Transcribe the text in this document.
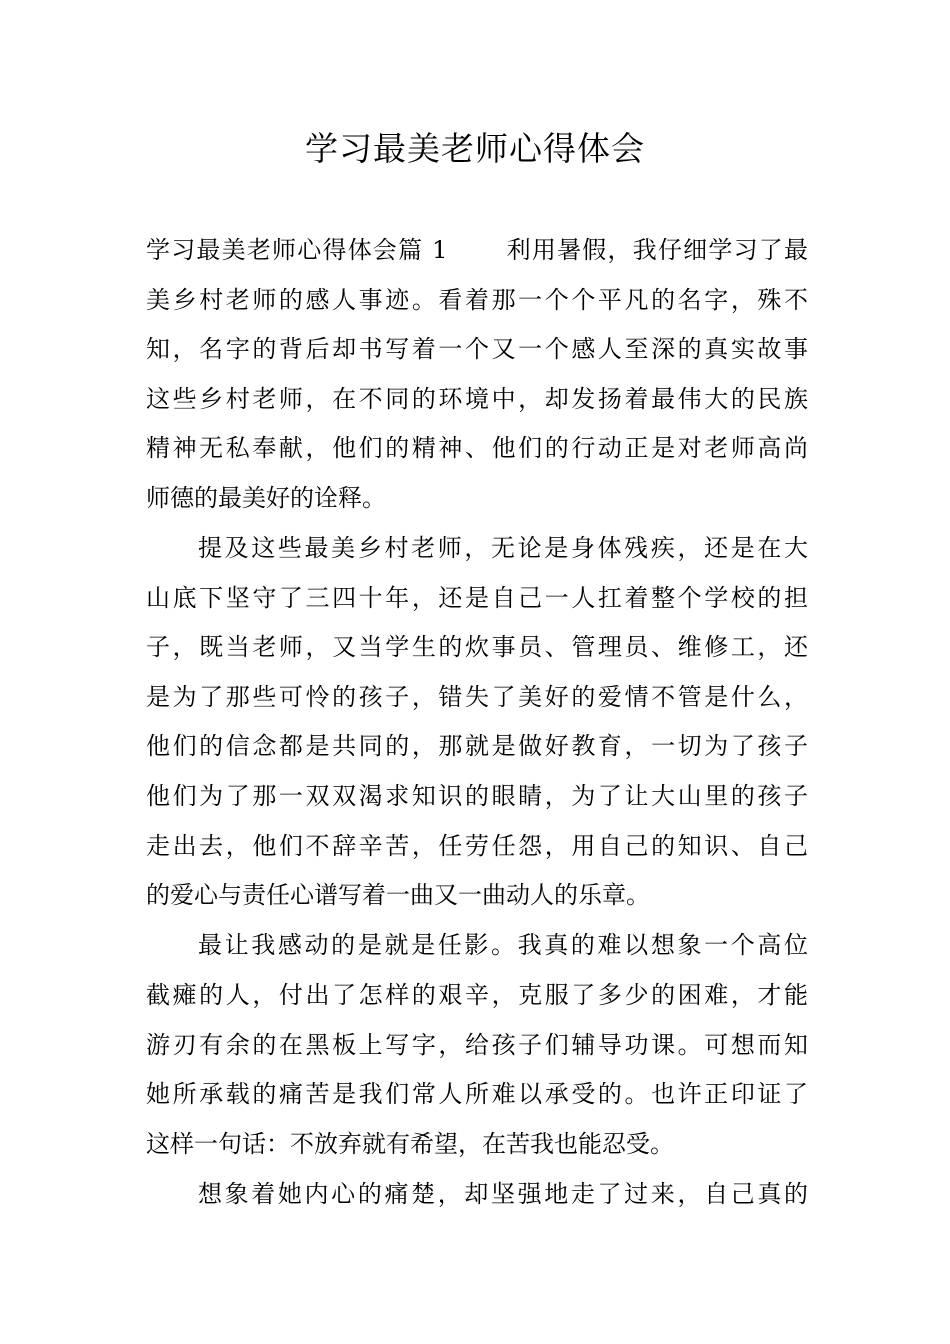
学习最美老师心得体会
学习最美老师心得体会篇 1 利用暑假，我仔细学习了最
美乡村老师的感人事迹。看着那一个个平凡的名字，殊不
知，名字的背后却书写着一个又一个感人至深的真实故事
这些乡村老师，在不同的环境中，却发扬着最伟大的民族
精神无私奉献，他们的精神、他们的行动正是对老师高尚
师德的最美好的诠释。
提及这些最美乡村老师，无论是身体残疾，还是在大
山底下坚守了三四十年，还是自己一人扛着整个学校的担
子，既当老师，又当学生的炊事员、管理员、维修工，还
是为了那些可怜的孩子，错失了美好的爱情不管是什么，
他们的信念都是共同的，那就是做好教育，一切为了孩子
他们为了那一双双渴求知识的眼睛，为了让大山里的孩子
走出去，他们不辞辛苦，任劳任怨，用自己的知识、自己
的爱心与责任心谱写着一曲又一曲动人的乐章。
最让我感动的是就是任影。我真的难以想象一个高位
截瘫的人，付出了怎样的艰辛，克服了多少的困难，才能
游刃有余的在黑板上写字，给孩子们辅导功课。可想而知
她所承载的痛苦是我们常人所难以承受的。也许正印证了
这样一句话：不放弃就有希望，在苦我也能忍受。
想象着她内心的痛楚，却坚强地走了过来，自己真的
